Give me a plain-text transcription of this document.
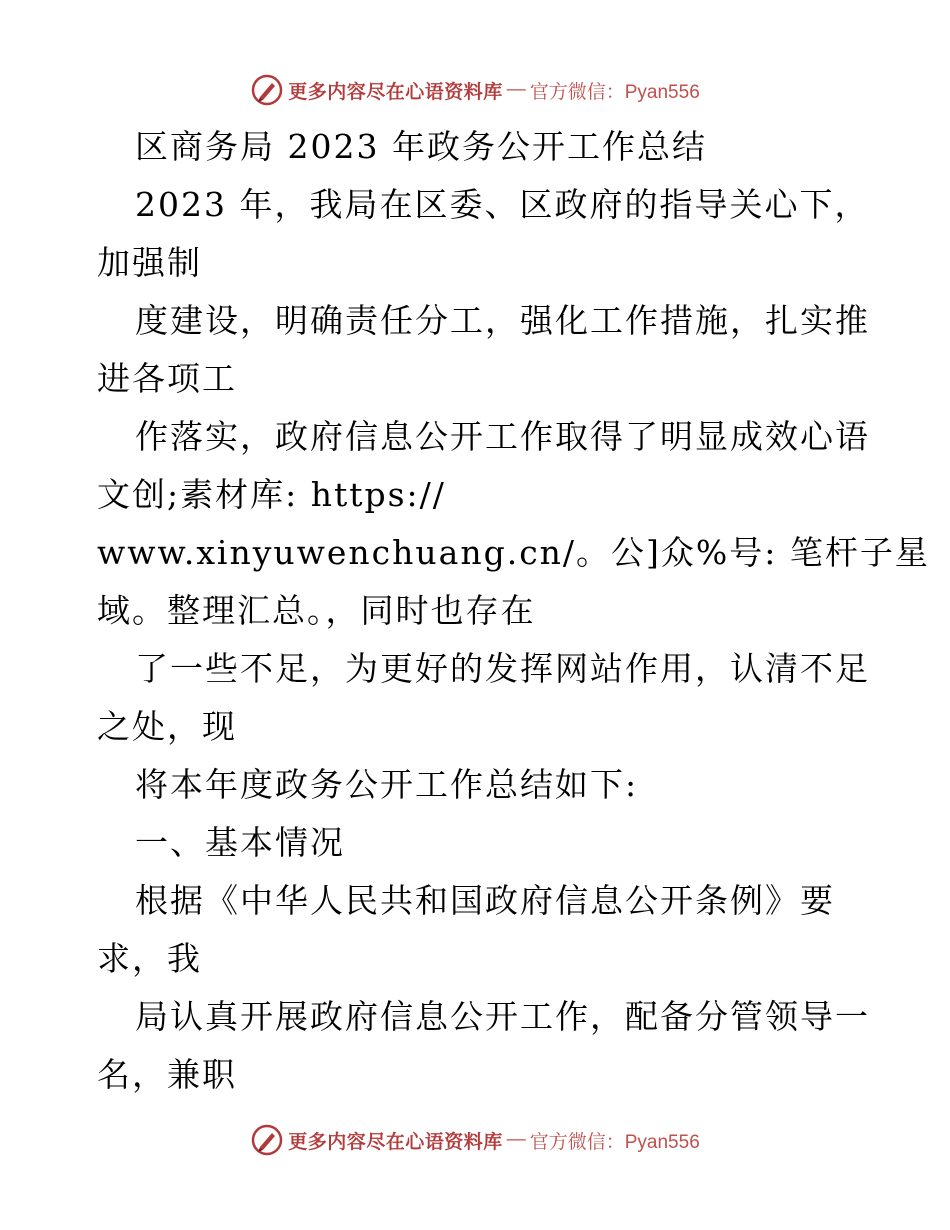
更多内容尽在心语资料库 — 官方微信：Pyan556
区商务局 2023 年政务公开工作总结
2023 年，我局在区委、区政府的指导关心下，
加强制
度建设，明确责任分工，强化工作措施，扎实推
进各项工
作落实，政府信息公开工作取得了明显成效心语
文创;素材库: https://
www.xinyuwenchuang.cn/。公]众%号: 笔杆子星
域。整理汇总。，同时也存在
了一些不足，为更好的发挥网站作用，认清不足
之处，现
将本年度政务公开工作总结如下:
一、基本情况
根据《中华人民共和国政府信息公开条例》要
求，我
局认真开展政府信息公开工作，配备分管领导一
名，兼职
更多内容尽在心语资料库 — 官方微信：Pyan556
